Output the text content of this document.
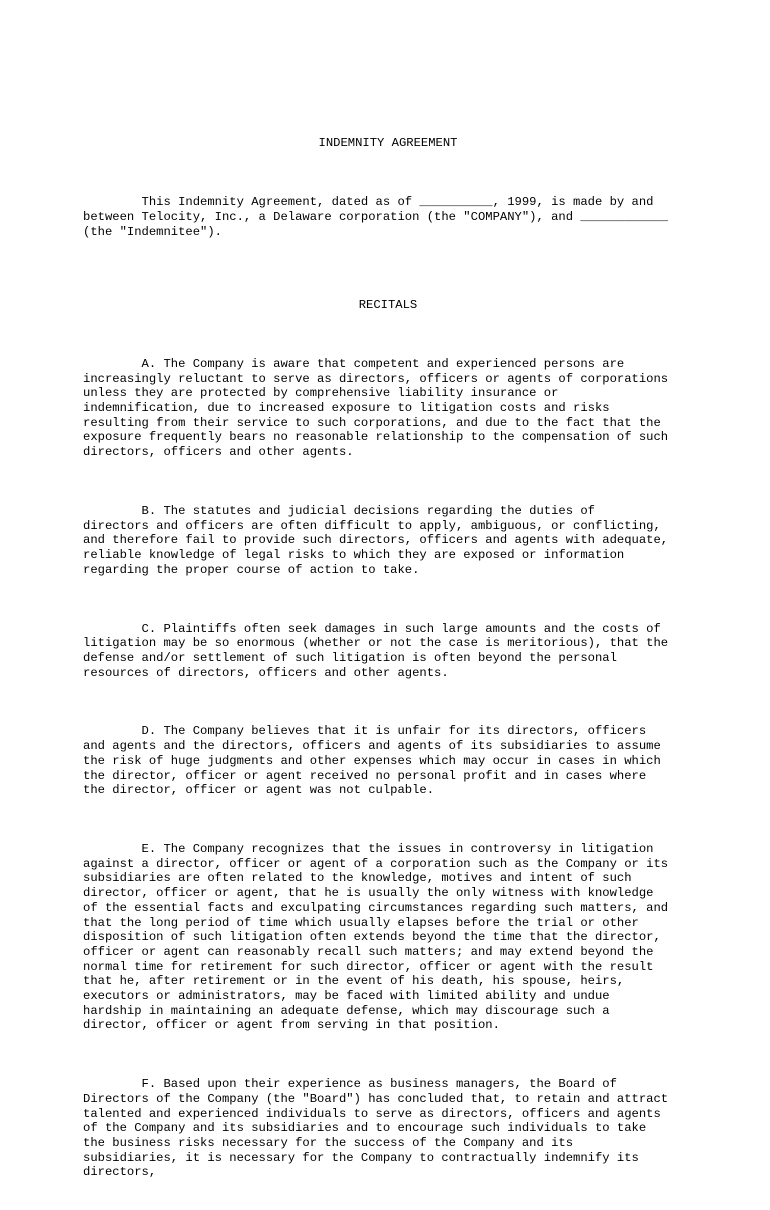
INDEMNITY AGREEMENT

This Indemnity Agreement, dated as of __________, 1999, is made by and
between Telocity, Inc., a Delaware corporation (the "COMPANY"), and ____________
(the "Indemnitee").

RECITALS

A. The Company is aware that competent and experienced persons are
increasingly reluctant to serve as directors, officers or agents of corporations
unless they are protected by comprehensive liability insurance or
indemnification, due to increased exposure to litigation costs and risks
resulting from their service to such corporations, and due to the fact that the
exposure frequently bears no reasonable relationship to the compensation of such
directors, officers and other agents.

B. The statutes and judicial decisions regarding the duties of
directors and officers are often difficult to apply, ambiguous, or conflicting,
and therefore fail to provide such directors, officers and agents with adequate,
reliable knowledge of legal risks to which they are exposed or information
regarding the proper course of action to take.

C. Plaintiffs often seek damages in such large amounts and the costs of
litigation may be so enormous (whether or not the case is meritorious), that the
defense and/or settlement of such litigation is often beyond the personal
resources of directors, officers and other agents.

D. The Company believes that it is unfair for its directors, officers
and agents and the directors, officers and agents of its subsidiaries to assume
the risk of huge judgments and other expenses which may occur in cases in which
the director, officer or agent received no personal profit and in cases where
the director, officer or agent was not culpable.

E. The Company recognizes that the issues in controversy in litigation
against a director, officer or agent of a corporation such as the Company or its
subsidiaries are often related to the knowledge, motives and intent of such
director, officer or agent, that he is usually the only witness with knowledge
of the essential facts and exculpating circumstances regarding such matters, and
that the long period of time which usually elapses before the trial or other
disposition of such litigation often extends beyond the time that the director,
officer or agent can reasonably recall such matters; and may extend beyond the
normal time for retirement for such director, officer or agent with the result
that he, after retirement or in the event of his death, his spouse, heirs,
executors or administrators, may be faced with limited ability and undue
hardship in maintaining an adequate defense, which may discourage such a
director, officer or agent from serving in that position.

F. Based upon their experience as business managers, the Board of
Directors of the Company (the "Board") has concluded that, to retain and attract
talented and experienced individuals to serve as directors, officers and agents
of the Company and its subsidiaries and to encourage such individuals to take
the business risks necessary for the success of the Company and its
subsidiaries, it is necessary for the Company to contractually indemnify its
directors,
